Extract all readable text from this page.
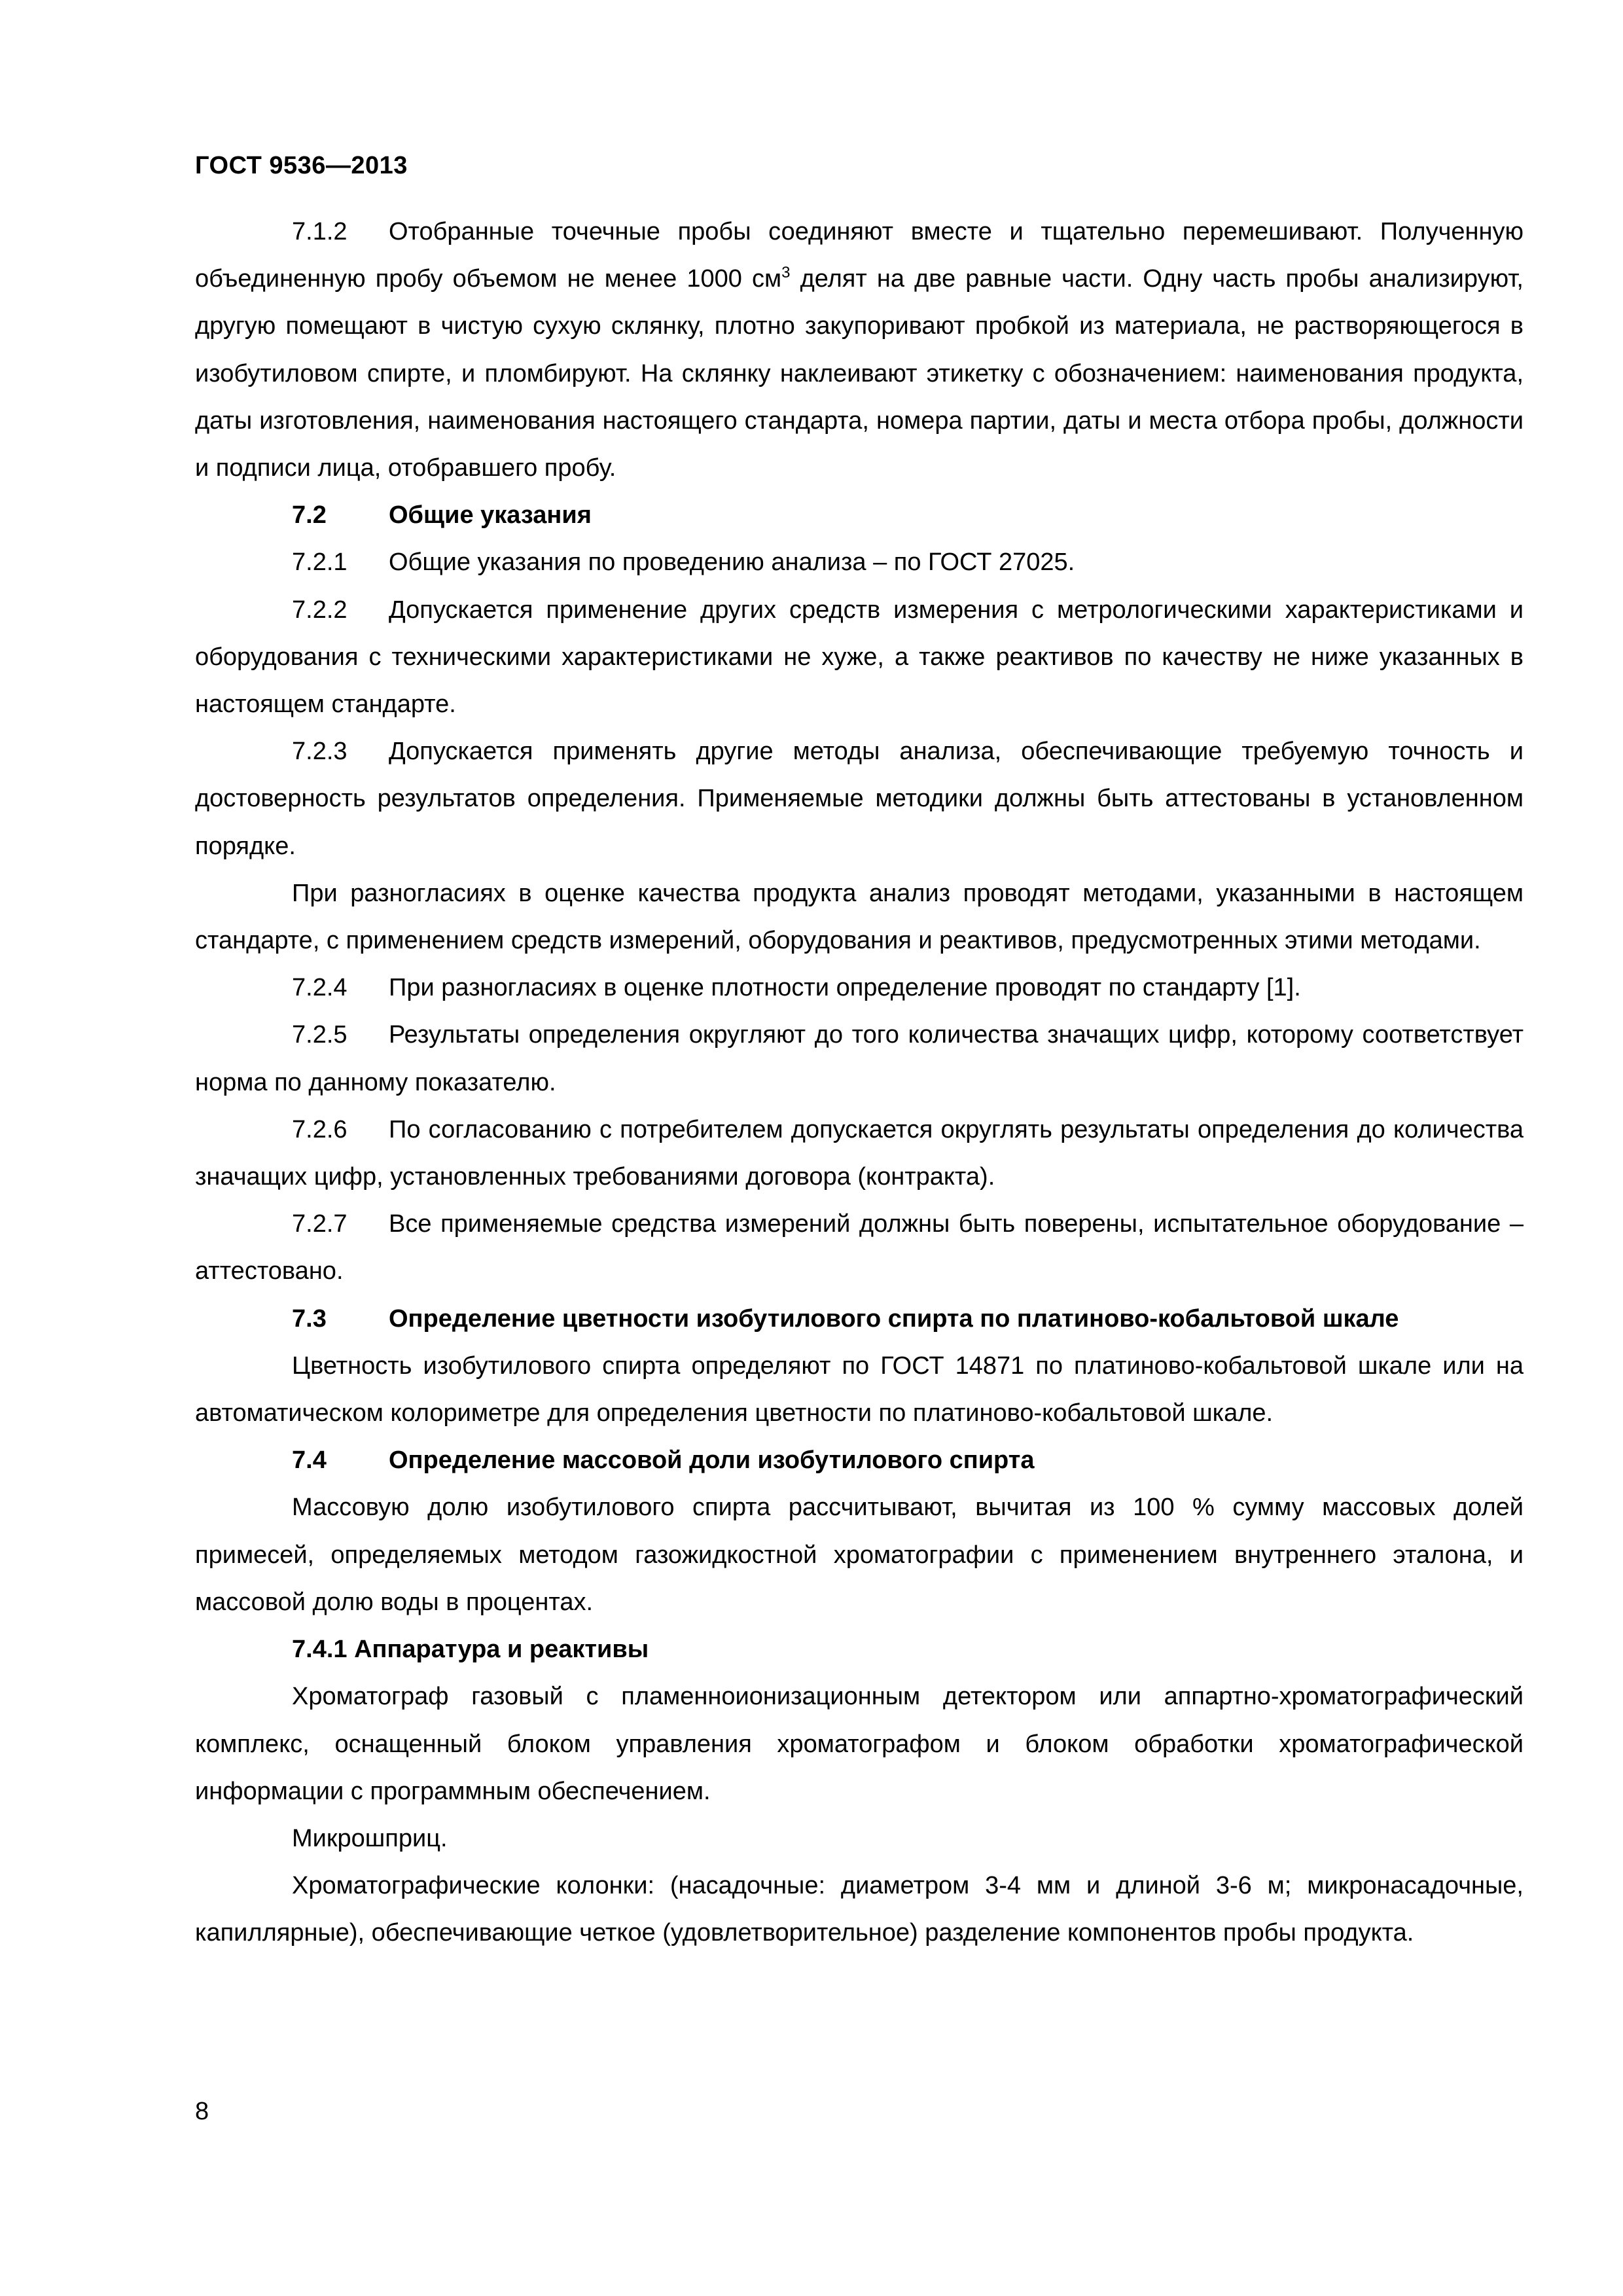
ГОСТ 9536—2013

7.1.2 Отобранные точечные пробы соединяют вместе и тщательно перемешивают. Полученную объединенную пробу объемом не менее 1000 $см^3$ делят на две равные части. Одну часть пробы анализируют, другую помещают в чистую сухую склянку, плотно закупоривают пробкой из материала, не растворяющегося в изобутиловом спирте, и пломбируют. На склянку наклеивают этикетку с обозначением: наименования продукта, даты изготовления, наименования настоящего стандарта, номера партии, даты и места отбора пробы, должности и подписи лица, отобравшего пробу.

7.2	Общие указания

7.2.1 Общие указания по проведению анализа – по ГОСТ 27025.

7.2.2 Допускается применение других средств измерения с метрологическими характеристиками и оборудования с техническими характеристиками не хуже, а также реактивов по качеству не ниже указанных в настоящем стандарте.

7.2.3 Допускается применять другие методы анализа, обеспечивающие требуемую точность и достоверность результатов определения. Применяемые методики должны быть аттестованы в установленном порядке.

При разногласиях в оценке качества продукта анализ проводят методами, указанными в настоящем стандарте, с применением средств измерений, оборудования и реактивов, предусмотренных этими методами.

7.2.4 При разногласиях в оценке плотности определение проводят по стандарту [1].

7.2.5 Результаты определения округляют до того количества значащих цифр, которому соответствует норма по данному показателю.

7.2.6 По согласованию с потребителем допускается округлять результаты определения до количества значащих цифр, установленных требованиями договора (контракта).

7.2.7 Все применяемые средства измерений должны быть поверены, испытательное оборудование – аттестовано.

7.3	Определение цветности изобутилового спирта по платиново-кобальтовой шкале

Цветность изобутилового спирта определяют по ГОСТ 14871 по платиново-кобальтовой шкале или на автоматическом колориметре для определения цветности по платиново-кобальтовой шкале.

7.4	Определение массовой доли изобутилового спирта

Массовую долю изобутилового спирта рассчитывают, вычитая из 100 % сумму массовых долей примесей, определяемых методом газожидкостной хроматографии с применением внутреннего эталона, и массовой долю воды в процентах.

7.4.1 Аппаратура и реактивы

Хроматограф газовый с пламенноионизационным детектором или аппартно-хроматографический комплекс, оснащенный блоком управления хроматографом и блоком обработки хроматографической информации с программным обеспечением.

Микрошприц.

Хроматографические колонки: (насадочные: диаметром 3-4 мм и длиной 3-6 м; микронасадочные, капиллярные), обеспечивающие четкое (удовлетворительное) разделение компонентов пробы продукта.

8
